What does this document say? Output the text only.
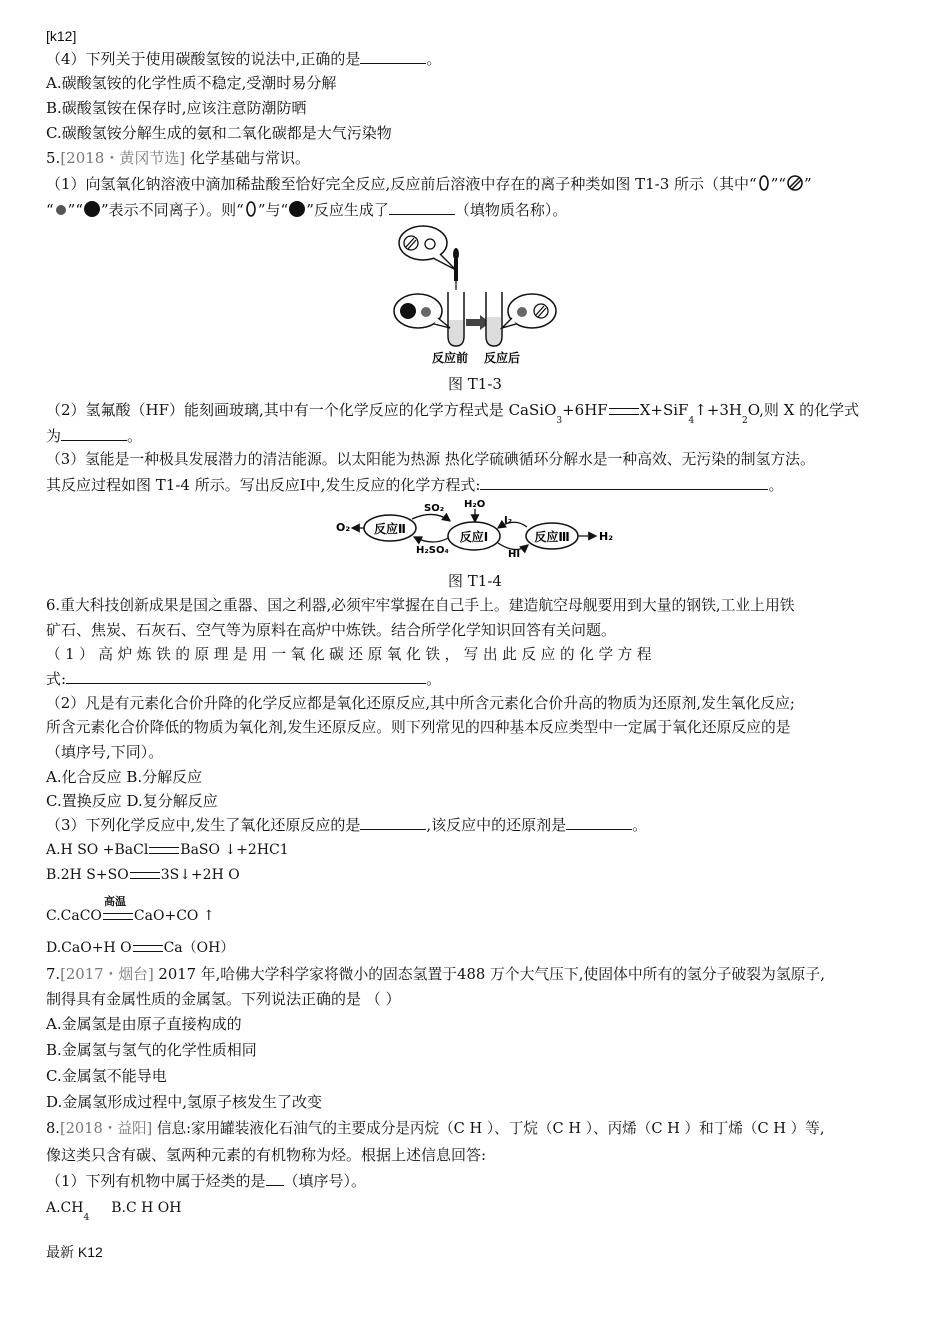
[k12]
（4）下列关于使用碳酸氢铵的说法中,正确的是	。
A.碳酸氢铵的化学性质不稳定,受潮时易分解
B.碳酸氢铵在保存时,应该注意防潮防晒
C.碳酸氢铵分解生成的氨和二氧化碳都是大气污染物
5.[2018・黄冈节选] 化学基础与常识。
（1）向氢氧化钠溶液中滴加稀盐酸至恰好完全反应,反应前后溶液中存在的离子种类如图 T1-3 所示（其中“ ”“ ”
“ ”“ ”表示不同离子）。则“ ”与“ ”反应生成了	（填物质名称）。
反应前 反应后
图 T1-3
（2）氢氟酸（HF）能刻画玻璃,其中有一个化学反应的化学方程式是 CaSiO$_3$+6HF $X+SiF_4↑+3H_2O$,则 X 的化学式
为	。
（3）氢能是一种极具发展潜力的清洁能源。以太阳能为热源 热化学硫碘循环分解水是一种高效、无污染的制氢方法。
其反应过程如图 T1-4 所示。写出反应Ⅰ中,发生反应的化学方程式:	。
O₂ 反应Ⅱ
SO₂
H₂SO₄
H₂O
反应Ⅰ
I₂
HI
反应Ⅲ	H₂
图 T1-4
6.重大科技创新成果是国之重器、国之利器,必须牢牢掌握在自己手上。建造航空母舰要用到大量的钢铁,工业上用铁
矿石、焦炭、石灰石、空气等为原料在高炉中炼铁。结合所学化学知识回答有关问题。
（ 1 ） 高 炉 炼 铁 的 原 理 是 用 一 氧 化 碳 还 原 氧 化 铁 ， 写 出 此 反 应 的 化 学 方 程
式:	。
（2）凡是有元素化合价升降的化学反应都是氧化还原反应,其中所含元素化合价升高的物质为还原剂,发生氧化反应;
所含元素化合价降低的物质为氧化剂,发生还原反应。则下列常见的四种基本反应类型中一定属于氧化还原反应的是
（填序号,下同）。
A.化合反应 B.分解反应
C.置换反应 D.复分解反应
（3）下列化学反应中,发生了氧化还原反应的是	,该反应中的还原剂是	。
A.H SO +BaCl BaSO ↓+2HC1
B.2H S+SO 3S↓+2H O
高温
C.CaCO CaO+CO ↑
D.CaO+H O Ca（OH）
7.[2017・烟台] 2017 年,哈佛大学科学家将微小的固态氢置于488 万个大气压下,使固体中所有的氢分子破裂为氢原子,
制得具有金属性质的金属氢。下列说法正确的是 （ ）
A.金属氢是由原子直接构成的
B.金属氢与氢气的化学性质相同
C.金属氢不能导电
D.金属氢形成过程中,氢原子核发生了改变
8.[2018・益阳] 信息:家用罐装液化石油气的主要成分是丙烷（C H ）、丁烷（C H ）、丙烯（C H ）和丁烯（C H ）等,
像这类只含有碳、氢两种元素的有机物称为烃。根据上述信息回答:
（1）下列有机物中属于烃类的是 （填序号）。
$A.CH_4B.C$ H OH
最新 K12
